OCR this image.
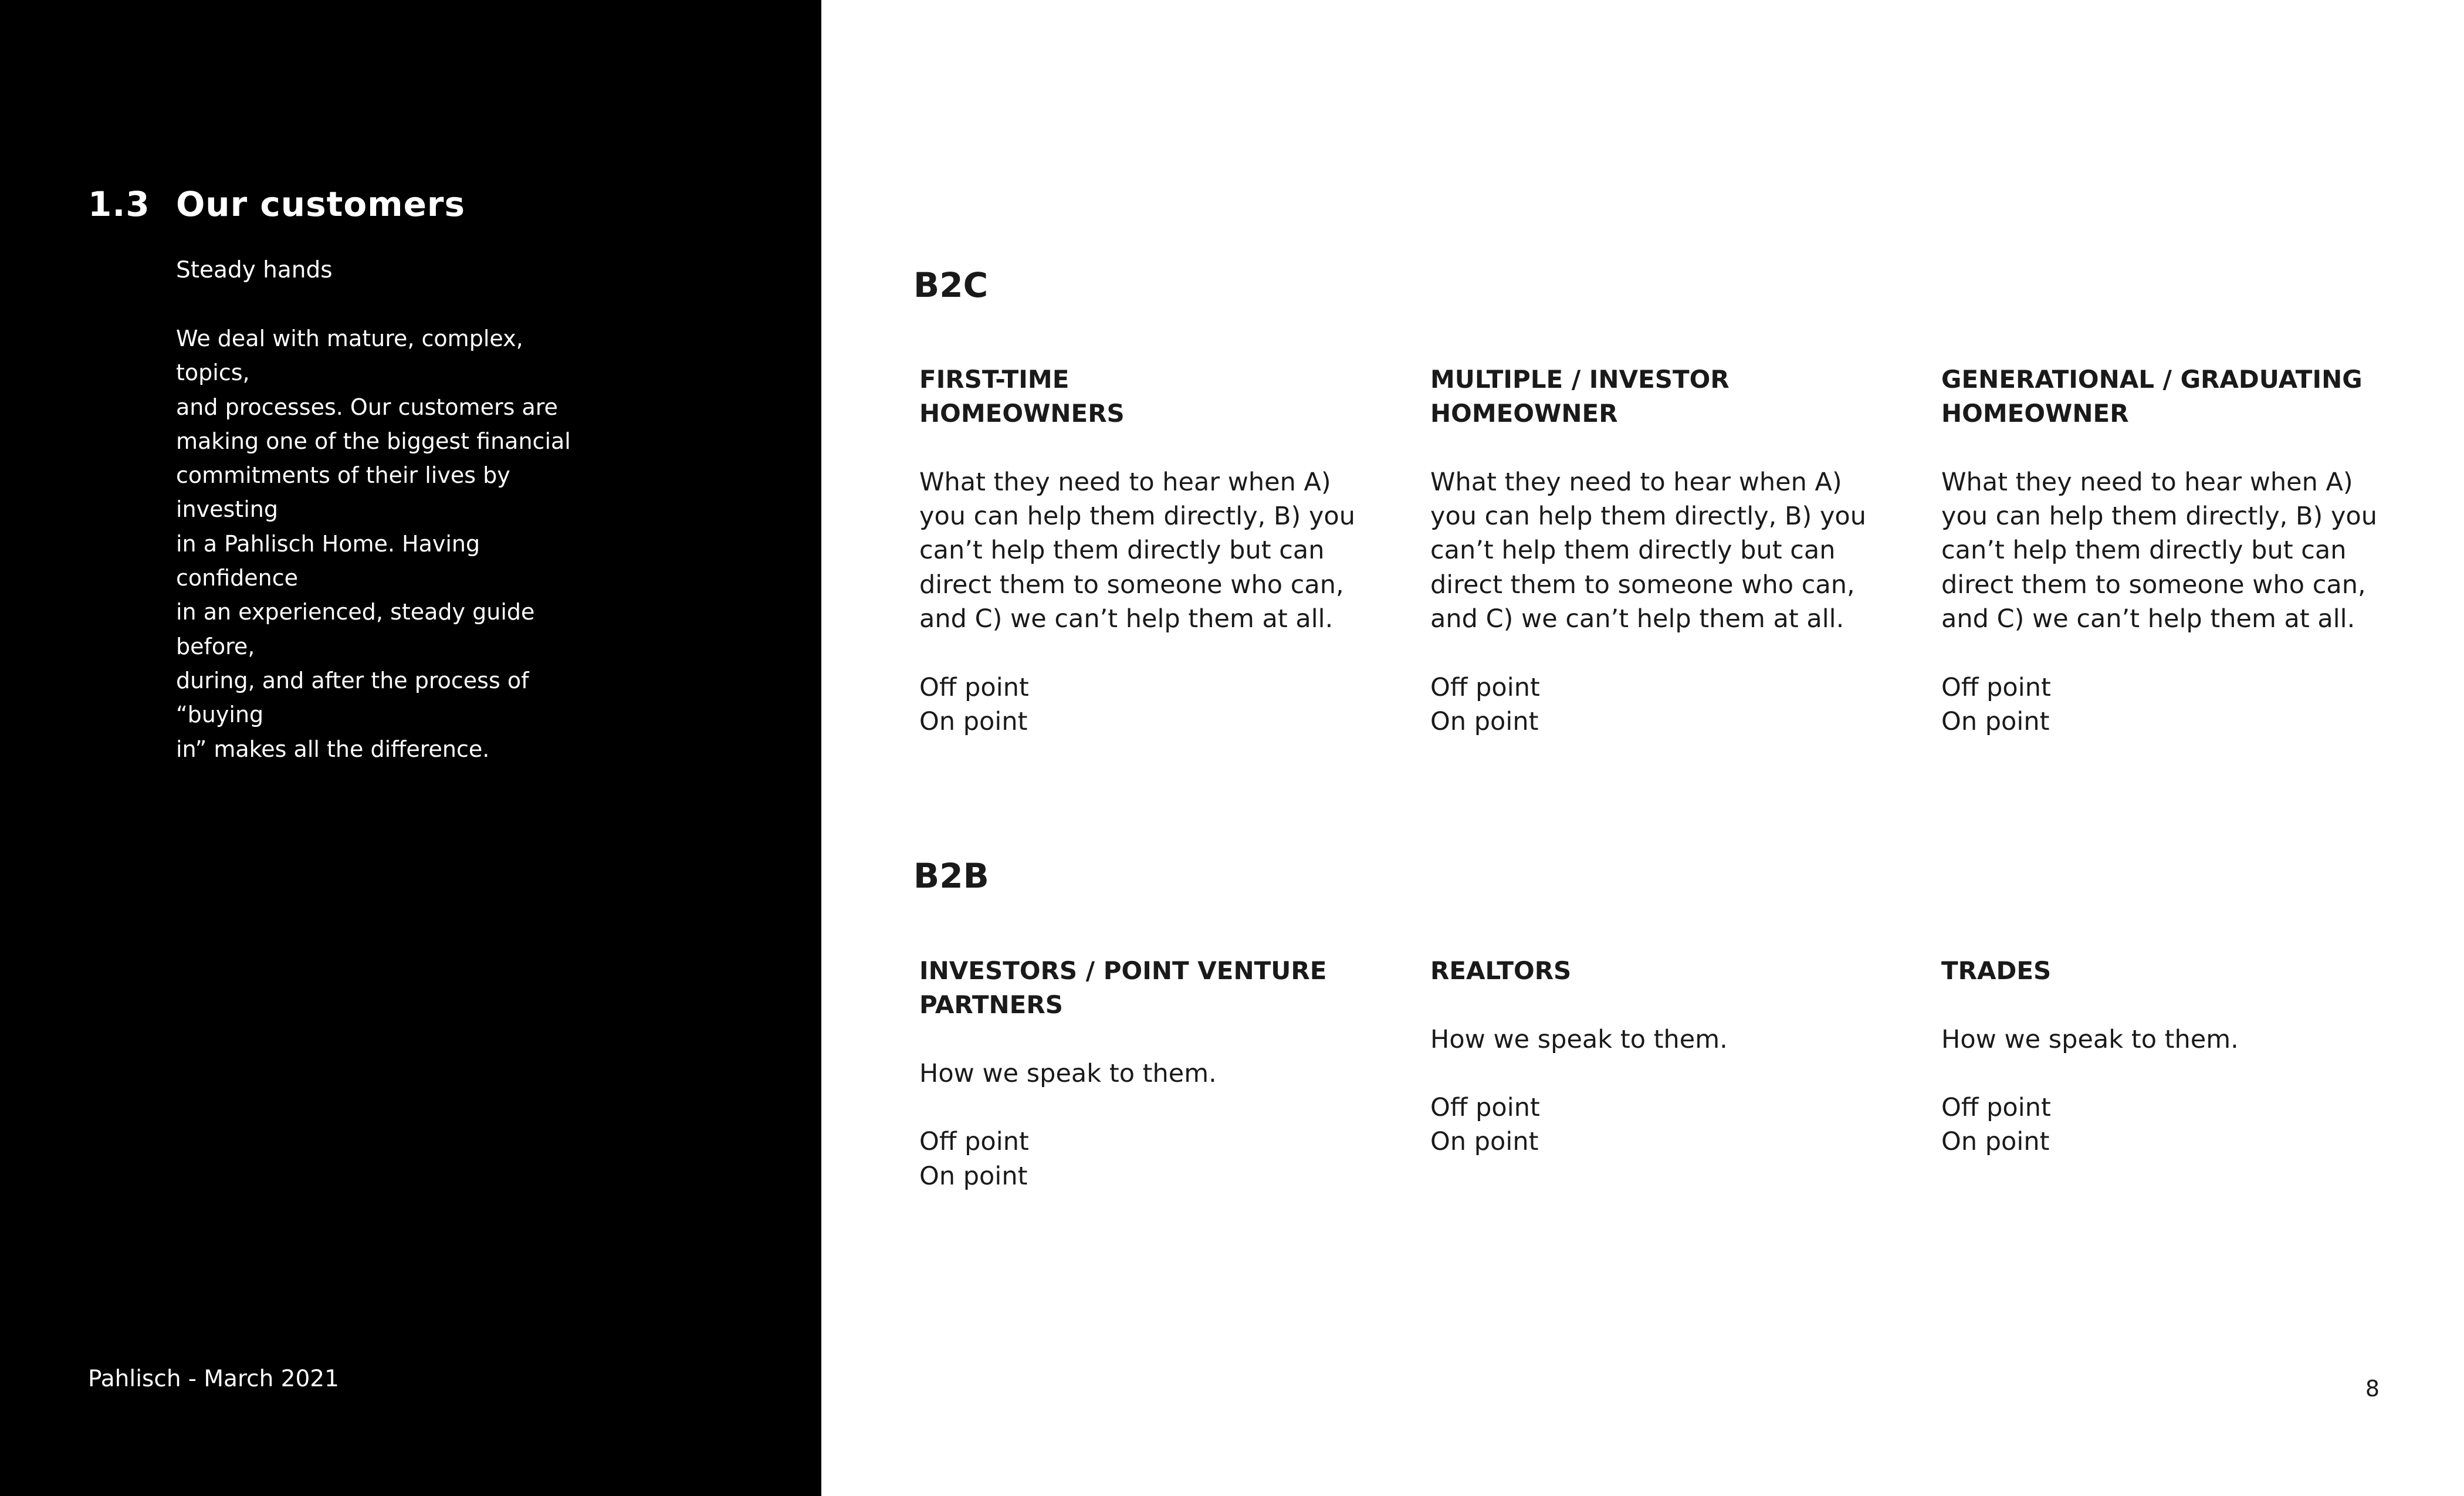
1.3 Our customers
Steady hands
We deal with mature, complex, topics,
and processes. Our customers are
making one of the biggest financial
commitments of their lives by investing
in a Pahlisch Home. Having confidence
in an experienced, steady guide before,
during, and after the process of “buying
in” makes all the difference.
Pahlisch - March 2021
B2C
FIRST-TIME
HOMEOWNERS
What they need to hear when A) you can help them directly, B) you can’t help them directly but can direct them to someone who can, and C) we can’t help them at all.
Off point
On point
MULTIPLE / INVESTOR HOMEOWNER
What they need to hear when A) you can help them directly, B) you can’t help them directly but can direct them to someone who can, and C) we can’t help them at all.
Off point
On point
GENERATIONAL / GRADUATING
HOMEOWNER
What they need to hear when A) you can help them directly, B) you can’t help them directly but can direct them to someone who can, and C) we can’t help them at all.
Off point
On point
B2B
INVESTORS / POINT VENTURE
PARTNERS
How we speak to them.
Off point
On point
REALTORS
How we speak to them.
Off point
On point
TRADES
How we speak to them.
Off point
On point
8
